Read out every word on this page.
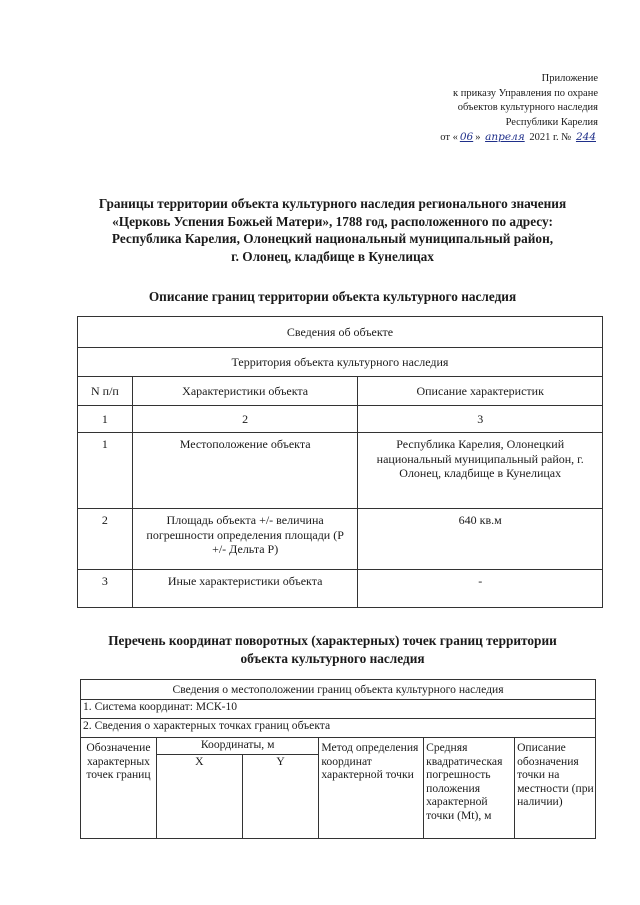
Приложение
к приказу Управления по охране
объектов культурного наследия
Республики Карелия
от « 06 » апреля 2021 г. № 244
Границы территории объекта культурного наследия регионального значения
«Церковь Успения Божьей Матери», 1788 год, расположенного по адресу:
Республика Карелия, Олонецкий национальный муниципальный район,
г. Олонец, кладбище в Кунелицах
Описание границ территории объекта культурного наследия
Сведения об объекте		
Территория объекта культурного наследия		
N п/п	Характеристики объекта	Описание характеристик
1	2	3
1	Местоположение объекта	Республика Карелия, Олонецкий национальный муниципальный район, г. Олонец, кладбище в Кунелицах
2	Площадь объекта +/- величина погрешности определения площади (Р +/- Дельта Р)	640 кв.м
3	Иные характеристики объекта	-
Перечень координат поворотных (характерных) точек границ территории
объекта культурного наследия
Сведения о местоположении границ объекта культурного наследия					
1. Система координат: МСК-10					
2. Сведения о характерных точках границ объекта					
Обозначение характерных точек границ	Координаты, м		Метод определения координат характерной точки	Средняя квадратическая погрешность положения характерной точки (Mt), м	Описание обозначения точки на местности (при наличии)
	X	Y			
